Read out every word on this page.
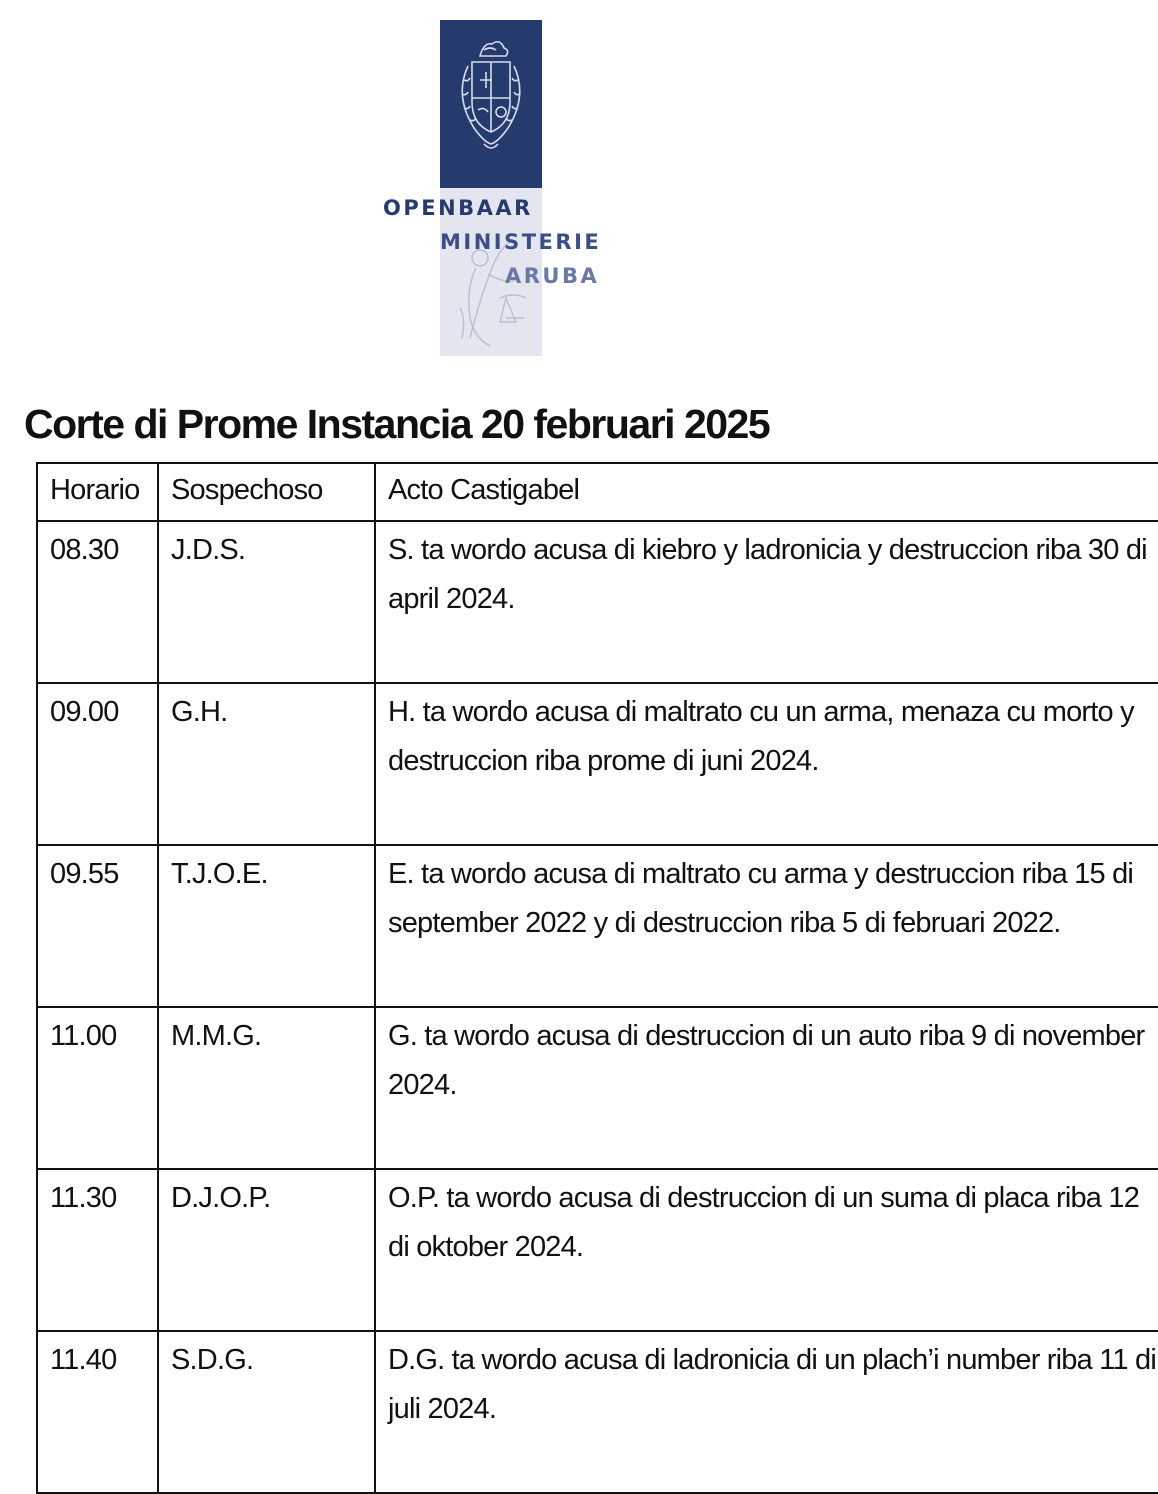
OPENBAAR
MINISTERIE
ARUBA
Corte di Prome Instancia 20 februari 2025
Horario	Sospechoso	Acto Castigabel
08.30	J.D.S.	S. ta wordo acusa di kiebro y ladronicia y destruccion riba 30 di april 2024.
09.00	G.H.	H. ta wordo acusa di maltrato cu un arma, menaza cu morto y destruccion riba prome di juni 2024.
09.55	T.J.O.E.	E. ta wordo acusa di maltrato cu arma y destruccion riba 15 di september 2022 y di destruccion riba 5 di februari 2022.
11.00	M.M.G.	G. ta wordo acusa di destruccion di un auto riba 9 di november 2024.
11.30	D.J.O.P.	O.P. ta wordo acusa di destruccion di un suma di placa riba 12 di oktober 2024.
11.40	S.D.G.	D.G. ta wordo acusa di ladronicia di un plach’i number riba 11 di juli 2024.
